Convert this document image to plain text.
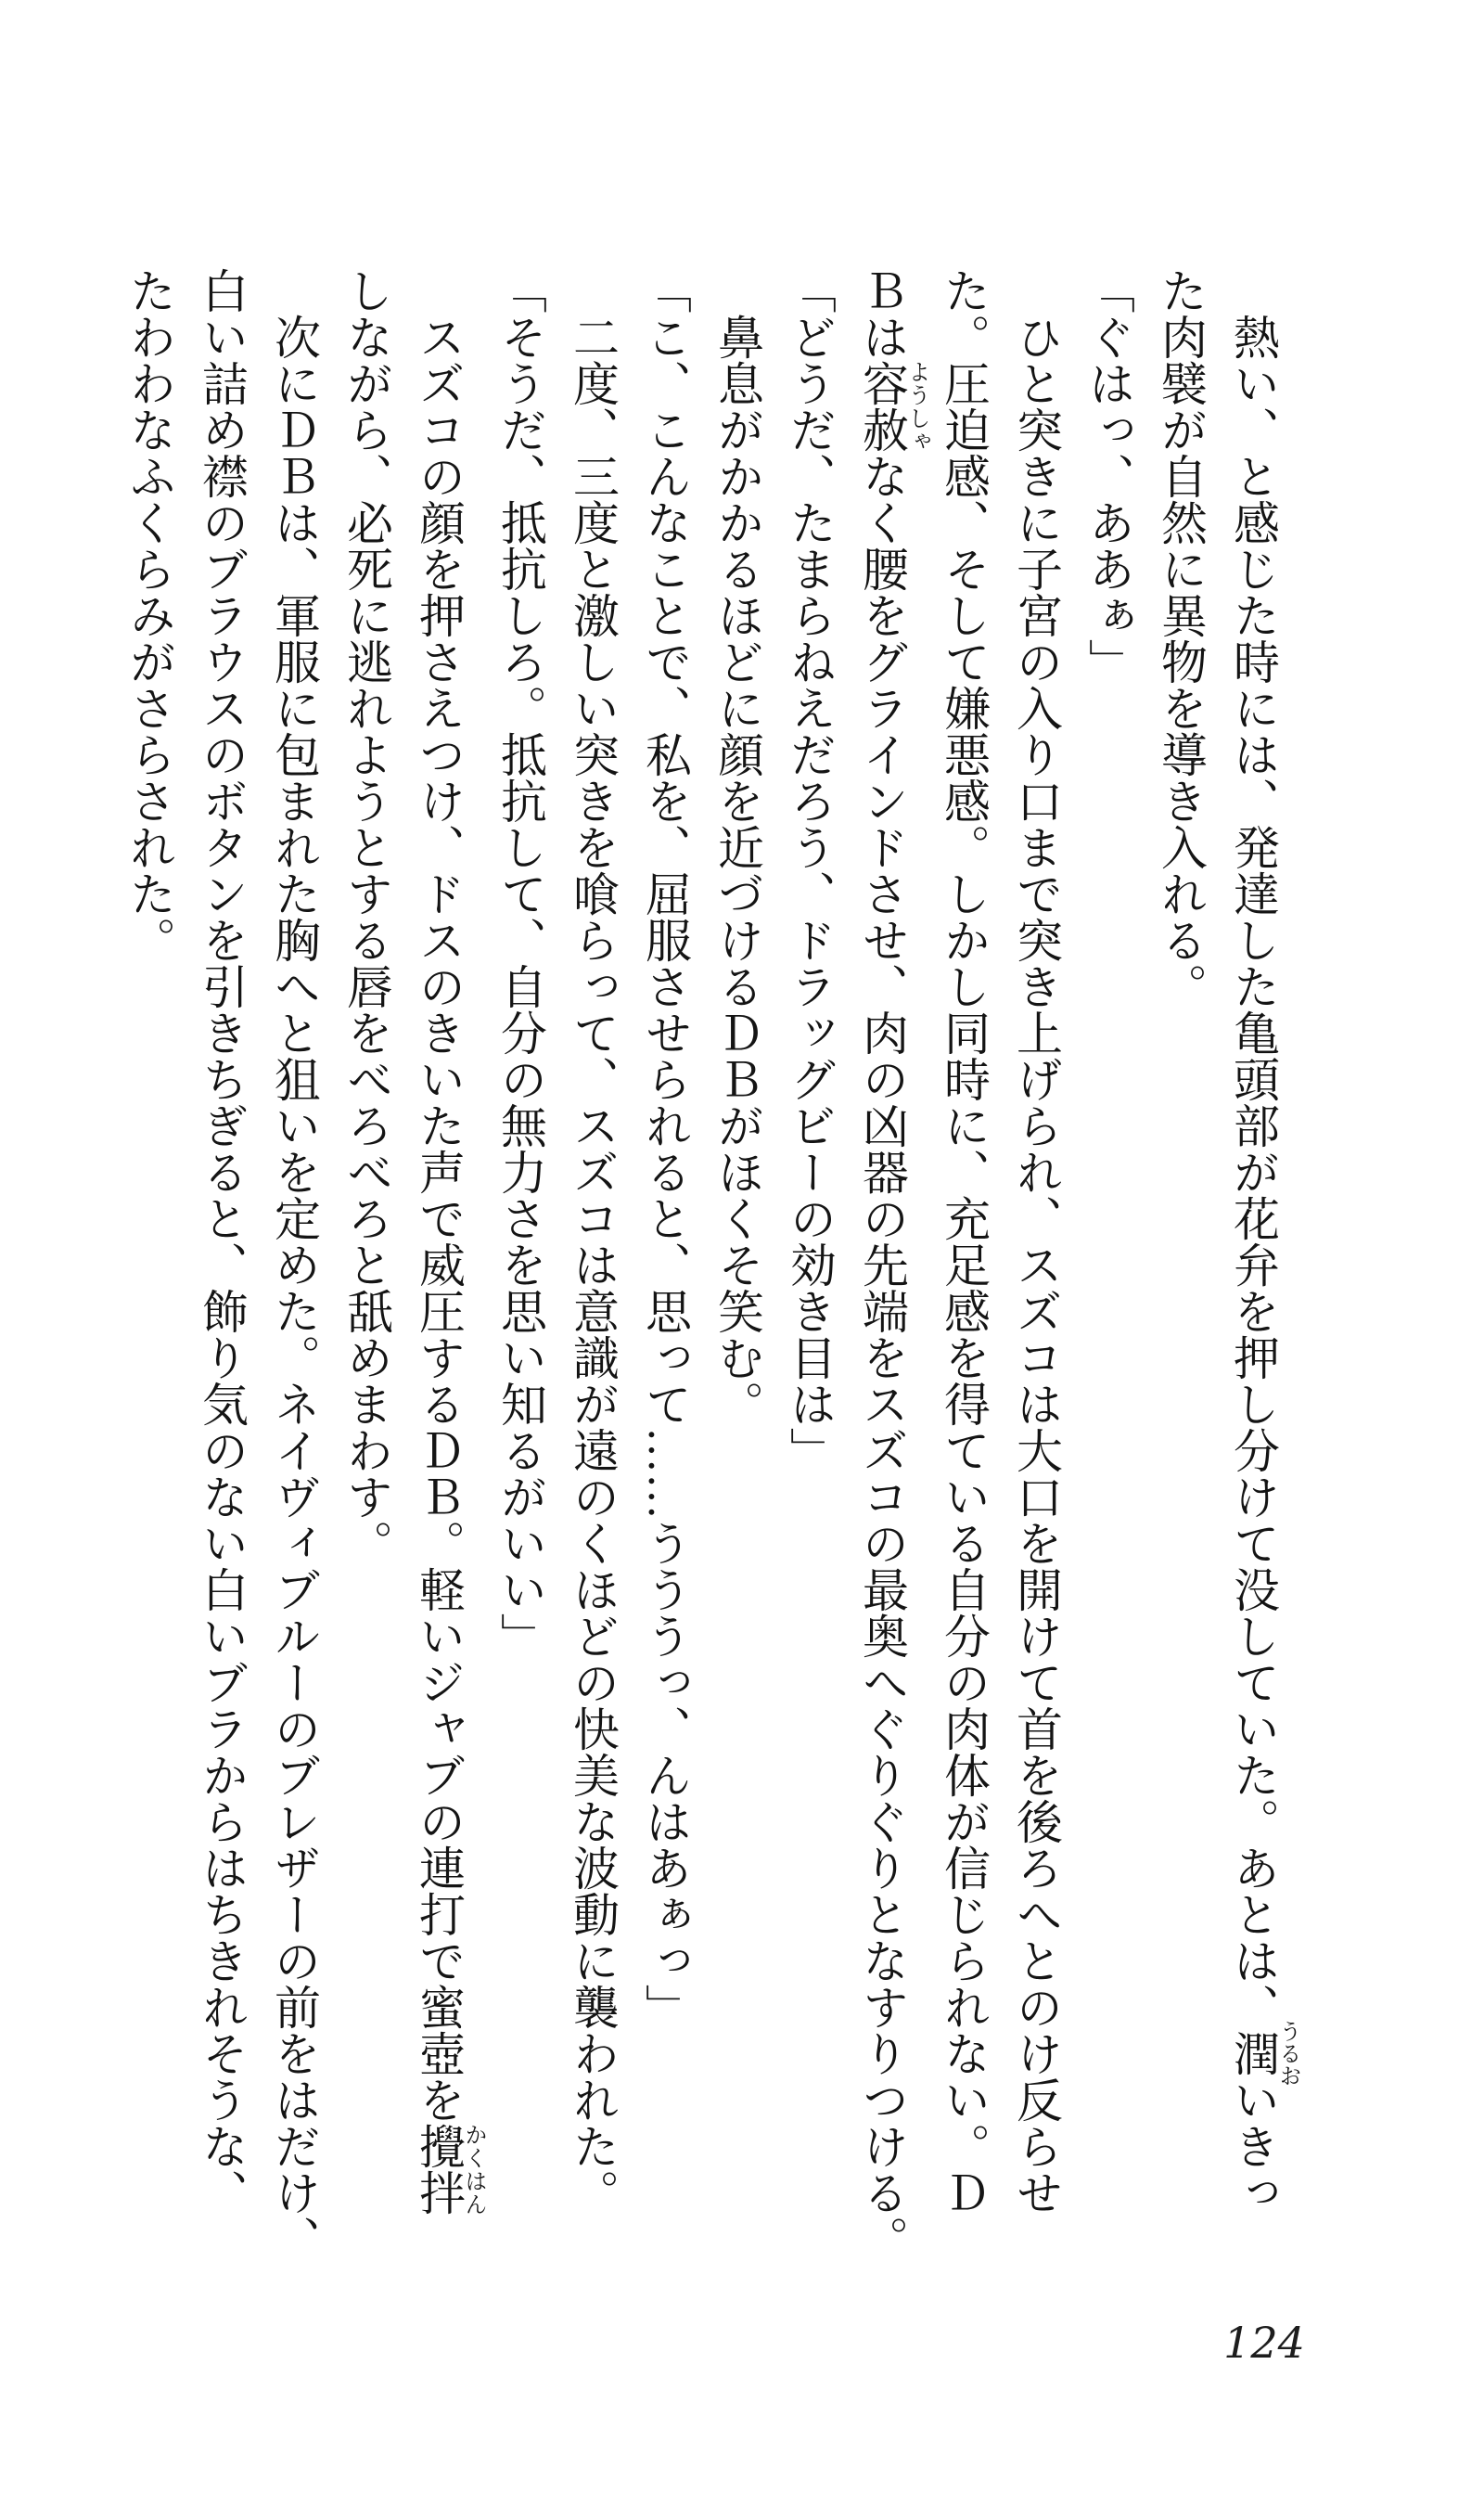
熱い、と感じた時には、発達した亀頭部が花弁を押し分けて没していた。あとは、潤うるおいきっ
た肉襞が自然に異物を導き入れる。
「ぐはっ、ああぁ」
ひと突きに子宮の入り口まで突き上げられ、スズコは大口を開けて首を後ろへとのけ反らせ
た。圧迫感、そして嫌悪感。しかし同時に、充足感を得ている自分の肉体が信じられない。Ｄ
Ｂは容赦ようしゃなく腰をグラインドさせ、肉の凶器の先端をスズコの最奥へぐりぐりとなすりつける。
「どうだ、たまらねえだろう、ドラッグビーの効き目は」
鼻息がかかるほどに顔を近づけるＤＢがほくそ笑む。
「こ、こんなことで、私を、屈服させられると、思って……うううっ、んはあぁっ」
二度、三度と激しい突きを喰らって、スズコは意識が遠のくほどの快美な波動に襲われた。
「そうだ、抵抗しろ。抵抗して、自分の無力さを思い知るがいい」
スズコの顔を押さえつけ、ドスのきいた声で威圧するＤＢ。軽いジャブの連打で蜜壺を攪拌かくはん
しながら、必死に逃れようとする唇をべろべろと舐めまわす。
次にＤＢは、軍服に包まれた胸へと狙いを定めた。ネイヴィブルーのブレザーの前をはだけ、
白い詰め襟のブラウスのボタンを引きちぎると、飾り気のない白いブラからはちきれそうな、
たわわなふくらみがさらされた。
124
